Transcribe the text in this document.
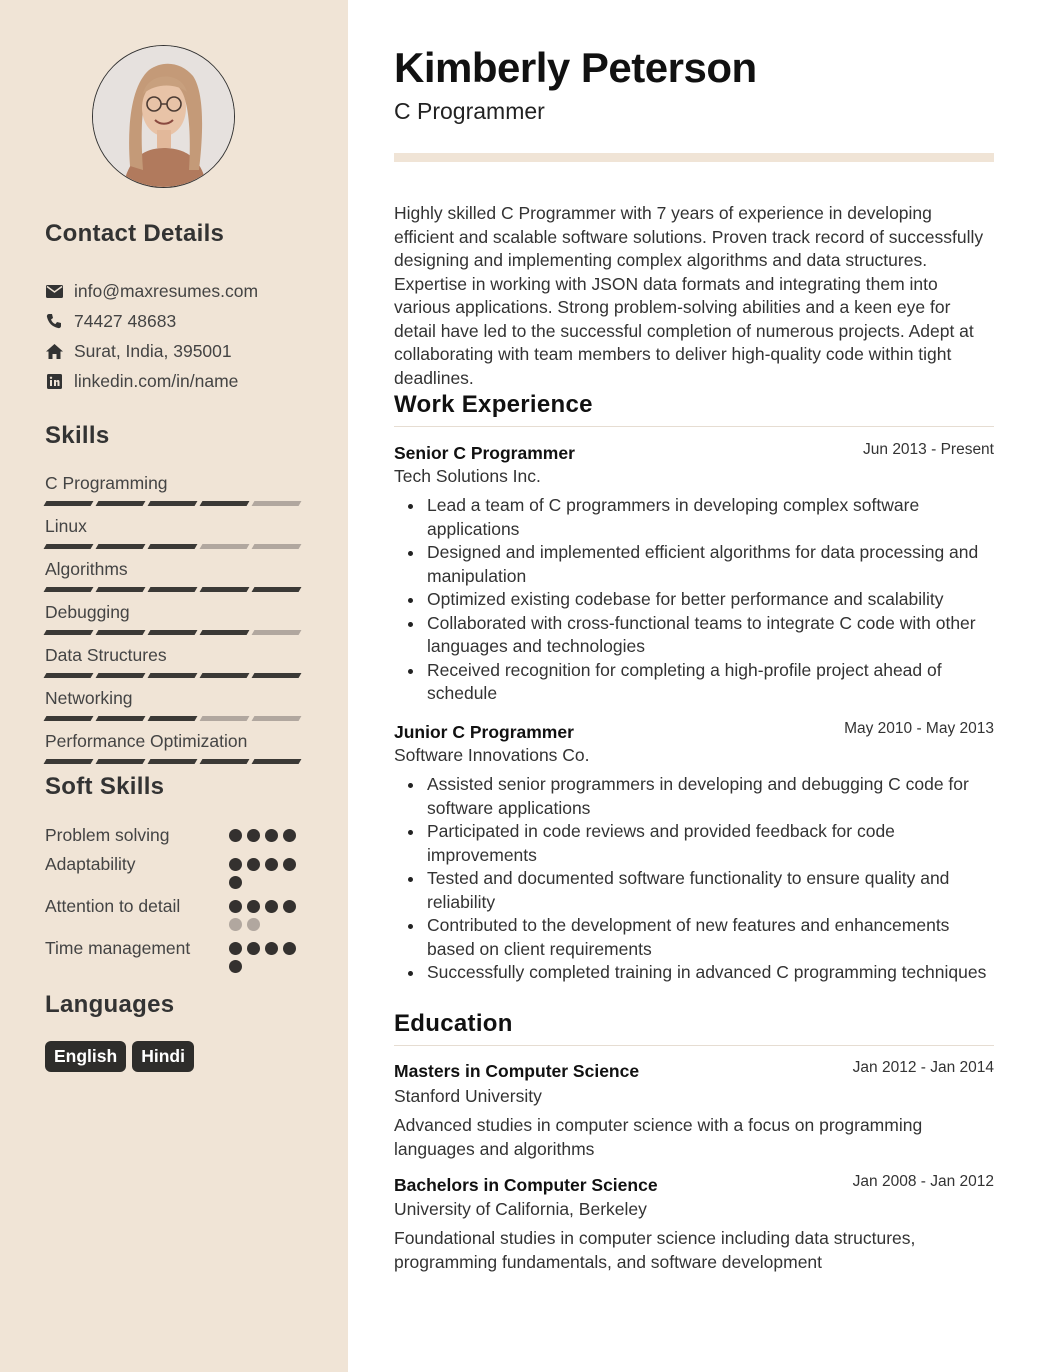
Contact Details
info@maxresumes.com
74427 48683
Surat, India, 395001
linkedin.com/in/name
Skills
C Programming
Linux
Algorithms
Debugging
Data Structures
Networking
Performance Optimization
Soft Skills
Problem solving
Adaptability
Attention to detail
Time management
Languages
English	Hindi
Kimberly Peterson
C Programmer

Highly skilled C Programmer with 7 years of experience in developing efficient and scalable software solutions. Proven track record of successfully designing and implementing complex algorithms and data structures. Expertise in working with JSON data formats and integrating them into various applications. Strong problem-solving abilities and a keen eye for detail have led to the successful completion of numerous projects. Adept at collaborating with team members to deliver high-quality code within tight deadlines.

Work Experience
Senior C Programmer	Jun 2013 - Present
Tech Solutions Inc.
Lead a team of C programmers in developing complex software applications
Designed and implemented efficient algorithms for data processing and manipulation
Optimized existing codebase for better performance and scalability
Collaborated with cross-functional teams to integrate C code with other languages and technologies
Received recognition for completing a high-profile project ahead of schedule
Junior C Programmer	May 2010 - May 2013
Software Innovations Co.
Assisted senior programmers in developing and debugging C code for software applications
Participated in code reviews and provided feedback for code improvements
Tested and documented software functionality to ensure quality and reliability
Contributed to the development of new features and enhancements based on client requirements
Successfully completed training in advanced C programming techniques
Education
Masters in Computer Science	Jan 2012 - Jan 2014
Stanford University

Advanced studies in computer science with a focus on programming languages and algorithms

Bachelors in Computer Science	Jan 2008 - Jan 2012
University of California, Berkeley

Foundational studies in computer science including data structures, programming fundamentals, and software development
